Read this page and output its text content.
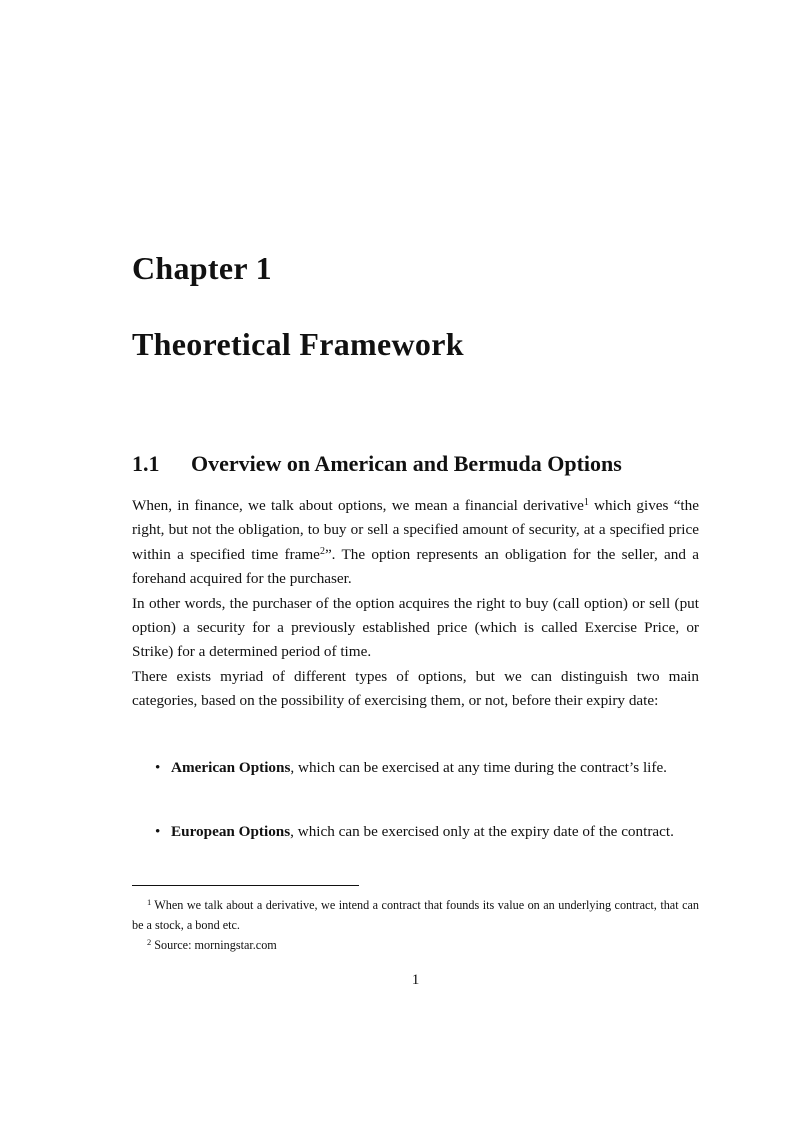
Chapter 1
Theoretical Framework
1.1 Overview on American and Bermuda Options

When, in finance, we talk about options, we mean a financial derivative$^1$ which gives “the right, but not the obligation, to buy or sell a specified amount of security, at a specified price within a specified time frame$^2$”. The option represents an obligation for the seller, and a forehand acquired for the purchaser.

In other words, the purchaser of the option acquires the right to buy (call option) or sell (put option) a security for a previously established price (which is called Exercise Price, or Strike) for a determined period of time.

There exists myriad of different types of options, but we can distinguish two main categories, based on the possibility of exercising them, or not, before their expiry date:

• American Options, which can be exercised at any time during the contract’s life.
• European Options, which can be exercised only at the expiry date of the contract.

$^1$ When we talk about a derivative, we intend a contract that founds its value on an underlying contract, that can be a stock, a bond etc.

$^2$ Source: morningstar.com

1
